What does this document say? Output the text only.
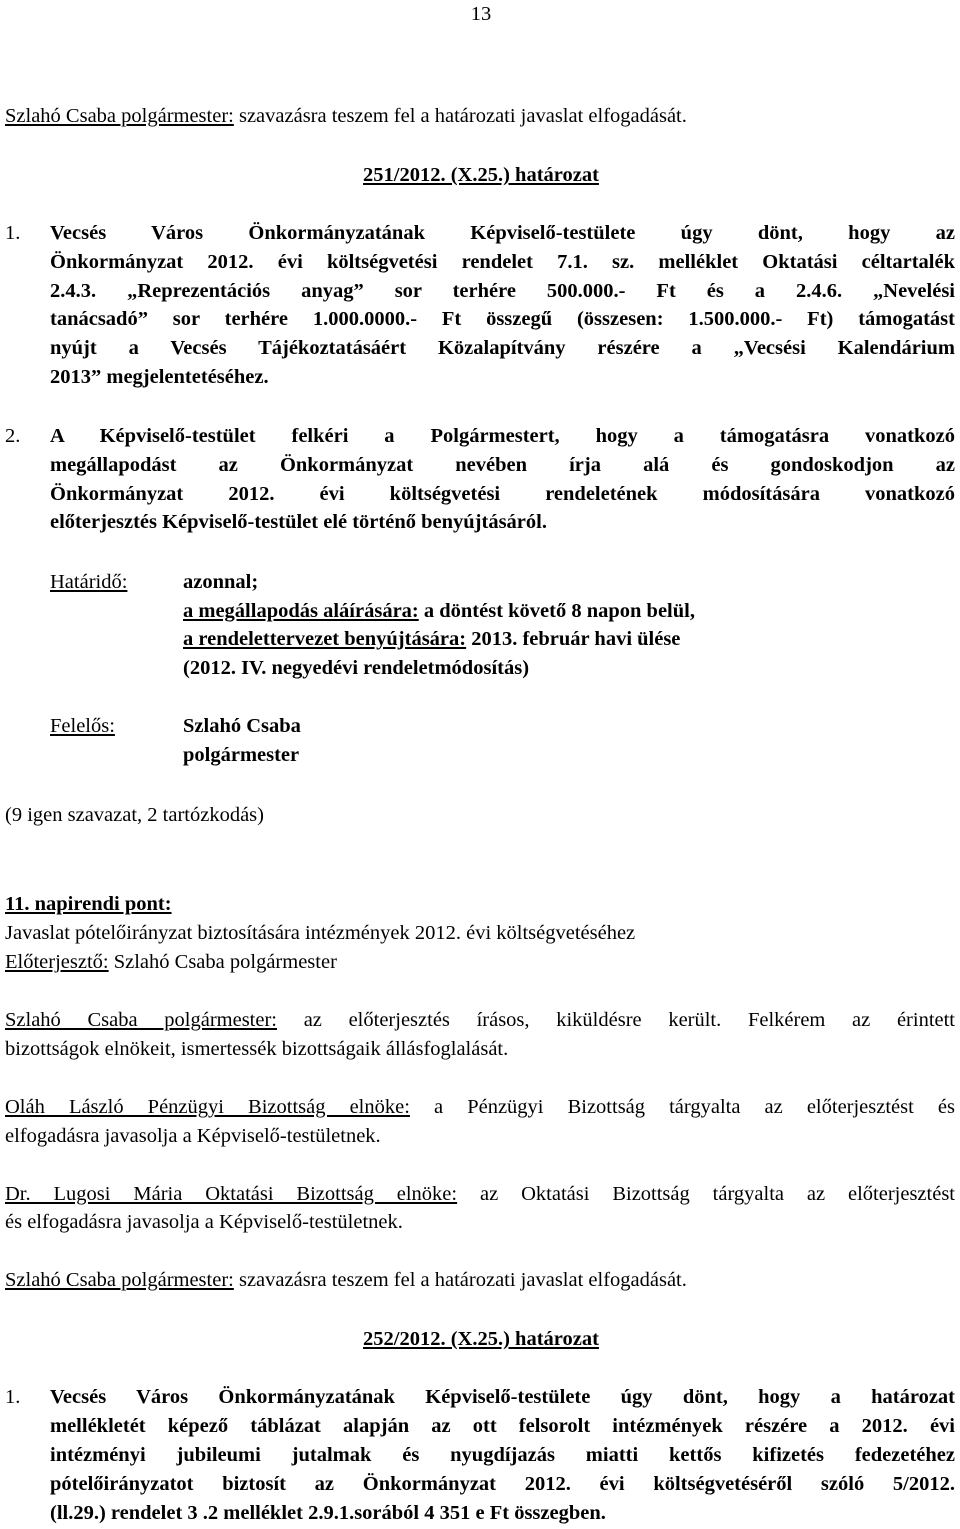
13
Szlahó Csaba polgármester: szavazásra teszem fel a határozati javaslat elfogadását.
251/2012. (X.25.) határozat
1. Vecsés Város Önkormányzatának Képviselő-testülete úgy dönt, hogy az
Önkormányzat 2012. évi költségvetési rendelet 7.1. sz. melléklet Oktatási céltartalék
2.4.3. „Reprezentációs anyag” sor terhére 500.000.- Ft és a 2.4.6. „Nevelési
tanácsadó” sor terhére 1.000.0000.- Ft összegű (összesen: 1.500.000.- Ft) támogatást
nyújt a Vecsés Tájékoztatásáért Közalapítvány részére a „Vecsési Kalendárium
2013” megjelentetéséhez.
2. A Képviselő-testület felkéri a Polgármestert, hogy a támogatásra vonatkozó
megállapodást az Önkormányzat nevében írja alá és gondoskodjon az
Önkormányzat 2012. évi költségvetési rendeletének módosítására vonatkozó
előterjesztés Képviselő-testület elé történő benyújtásáról.
Határidő:	azonnal;
a megállapodás aláírására: a döntést követő 8 napon belül,
a rendelettervezet benyújtására: 2013. február havi ülése
(2012. IV. negyedévi rendeletmódosítás)
Felelős:	Szlahó Csaba
polgármester
(9 igen szavazat, 2 tartózkodás)
11. napirendi pont:
Javaslat pótelőirányzat biztosítására intézmények 2012. évi költségvetéséhez
Előterjesztő: Szlahó Csaba polgármester
Szlahó Csaba polgármester: az előterjesztés írásos, kiküldésre került. Felkérem az érintett
bizottságok elnökeit, ismertessék bizottságaik állásfoglalását.
Oláh László Pénzügyi Bizottság elnöke: a Pénzügyi Bizottság tárgyalta az előterjesztést és
elfogadásra javasolja a Képviselő-testületnek.
Dr. Lugosi Mária Oktatási Bizottság elnöke: az Oktatási Bizottság tárgyalta az előterjesztést
és elfogadásra javasolja a Képviselő-testületnek.
Szlahó Csaba polgármester: szavazásra teszem fel a határozati javaslat elfogadását.
252/2012. (X.25.) határozat
1. Vecsés Város Önkormányzatának Képviselő-testülete úgy dönt, hogy a határozat
mellékletét képező táblázat alapján az ott felsorolt intézmények részére a 2012. évi
intézményi jubileumi jutalmak és nyugdíjazás miatti kettős kifizetés fedezetéhez
pótelőirányzatot biztosít az Önkormányzat 2012. évi költségvetéséről szóló 5/2012.
(ll.29.) rendelet 3 .2 melléklet 2.9.1.sorából 4 351 e Ft összegben.
